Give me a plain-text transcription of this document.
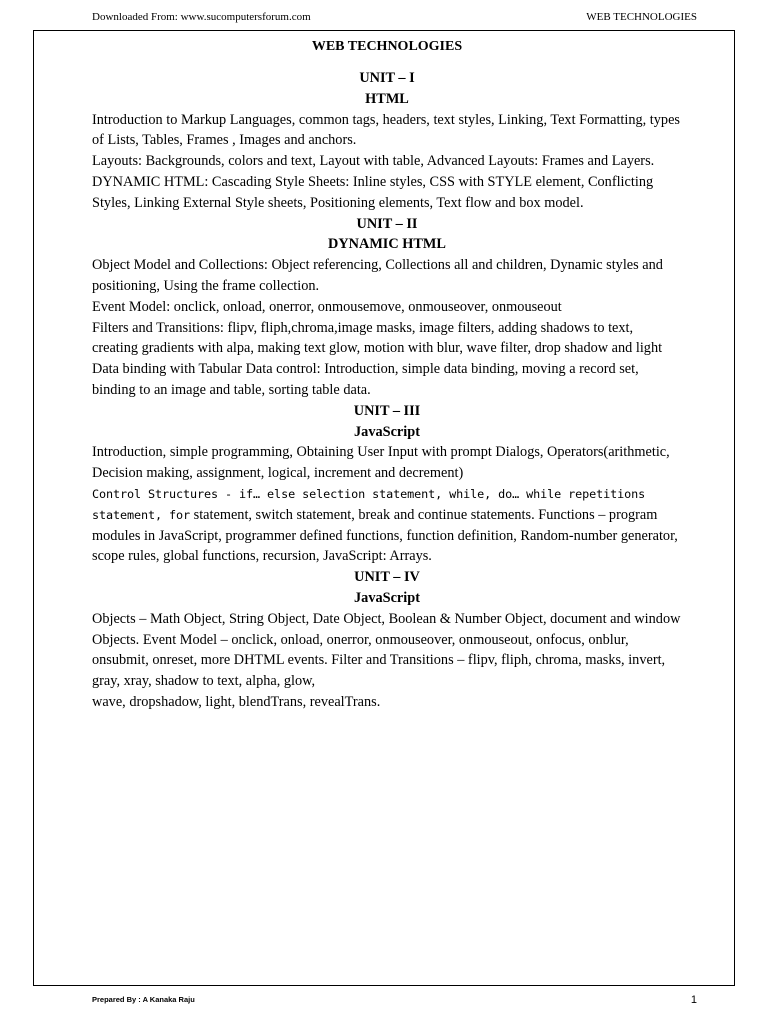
Downloaded From: www.sucomputersforum.com	WEB TECHNOLOGIES
WEB TECHNOLOGIES
UNIT – I
HTML

Introduction to Markup Languages, common tags, headers, text styles, Linking, Text Formatting, types of Lists, Tables, Frames , Images and anchors.

Layouts: Backgrounds, colors and text, Layout with table, Advanced Layouts: Frames and Layers.

DYNAMIC HTML: Cascading Style Sheets: Inline styles, CSS with STYLE element, Conflicting Styles, Linking External Style sheets, Positioning elements, Text flow and box model.

UNIT – II
DYNAMIC HTML

Object Model and Collections: Object referencing, Collections all and children, Dynamic styles and positioning, Using the frame collection.

Event Model: onclick, onload, onerror, onmousemove, onmouseover, onmouseout

Filters and Transitions: flipv, fliph,chroma,image masks, image filters, adding shadows to text, creating gradients with alpa, making text glow, motion with blur, wave filter, drop shadow and light

Data binding with Tabular Data control: Introduction, simple data binding, moving a record set, binding to an image and table, sorting table data.

UNIT – III
JavaScript

Introduction, simple programming, Obtaining User Input with prompt Dialogs, Operators(arithmetic, Decision making, assignment, logical, increment and decrement)

Control Structures - if… else selection statement, while, do… while repetitions statement, for statement, switch statement, break and continue statements. Functions – program modules in JavaScript, programmer defined functions, function definition, Random-number generator, scope rules, global functions, recursion, JavaScript: Arrays.

UNIT – IV
JavaScript

Objects – Math Object, String Object, Date Object, Boolean & Number Object, document and window Objects. Event Model – onclick, onload, onerror, onmouseover, onmouseout, onfocus, onblur, onsubmit, onreset, more DHTML events. Filter and Transitions – flipv, fliph, chroma, masks, invert, gray, xray, shadow to text, alpha, glow,

wave, dropshadow, light, blendTrans, revealTrans.

Prepared By : A Kanaka Raju	1
